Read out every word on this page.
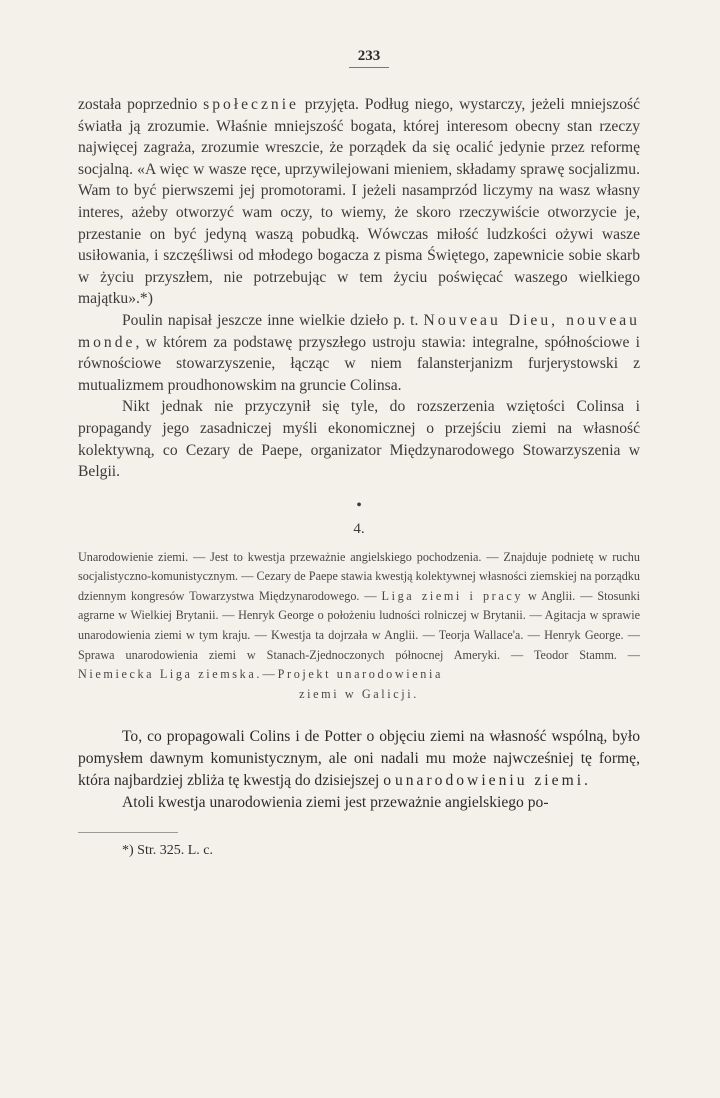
233

została poprzednio społecznie przyjęta. Podług niego, wystarczy, jeżeli mniejszość światła ją zrozumie. Właśnie mniejszość bogata, której interesom obecny stan rzeczy najwięcej zagraża, zrozumie wreszcie, że porządek da się ocalić jedynie przez reformę socjalną. «A więc w wasze ręce, uprzywilejowani mieniem, składamy sprawę socjalizmu. Wam to być pierwszemi jej promotorami. I jeżeli nasamprzód liczymy na wasz własny interes, ażeby otworzyć wam oczy, to wiemy, że skoro rzeczywiście otworzycie je, przestanie on być jedyną waszą pobudką. Wówczas miłość ludzkości ożywi wasze usiłowania, i szczęśliwsi od młodego bogacza z pisma Świętego, zapewnicie sobie skarb w życiu przyszłem, nie potrzebując w tem życiu poświęcać waszego wielkiego majątku».*)

Poulin napisał jeszcze inne wielkie dzieło p. t. Nouveau Dieu, nouveau monde, w którem za podstawę przyszłego ustroju stawia: integralne, spółnościowe i równościowe stowarzyszenie, łącząc w niem falansterjanizm furjerystowski z mutualizmem proudhonowskim na gruncie Colinsa.

Nikt jednak nie przyczynił się tyle, do rozszerzenia wziętości Colinsa i propagandy jego zasadniczej myśli ekonomicznej o przejściu ziemi na własność kolektywną, co Cezary de Paepe, organizator Międzynarodowego Stowarzyszenia w Belgii.

•
4.
Unarodowienie ziemi. — Jest to kwestja przeważnie angielskiego pochodzenia. — Znajduje podnietę w ruchu socjalistyczno-komunistycznym. — Cezary de Paepe stawia kwestją kolektywnej własności ziemskiej na porządku dziennym kongresów Towarzystwa Międzynarodowego. — Liga ziemi i pracy w Anglii. — Stosunki agrarne w Wielkiej Brytanii. — Henryk George o położeniu ludności rolniczej w Brytanii. — Agitacja w sprawie unarodowienia ziemi w tym kraju. — Kwestja ta dojrzała w Anglii. — Teorja Wallace'a. — Henryk George. — Sprawa unarodowienia ziemi w Stanach-Zjednoczonych północnej Ameryki. — Teodor Stamm. — Niemiecka Liga ziemska. — Projekt unarodowienia
ziemi w Galicji.

To, co propagowali Colins i de Potter o objęciu ziemi na własność wspólną, było pomysłem dawnym komunistycznym, ale oni nadali mu może najwcześniej tę formę, która najbardziej zbliża tę kwestją do dzisiejszej o unarodowieniu ziemi.

Atoli kwestja unarodowienia ziemi jest przeważnie angielskiego po-

*) Str. 325. L. c.
